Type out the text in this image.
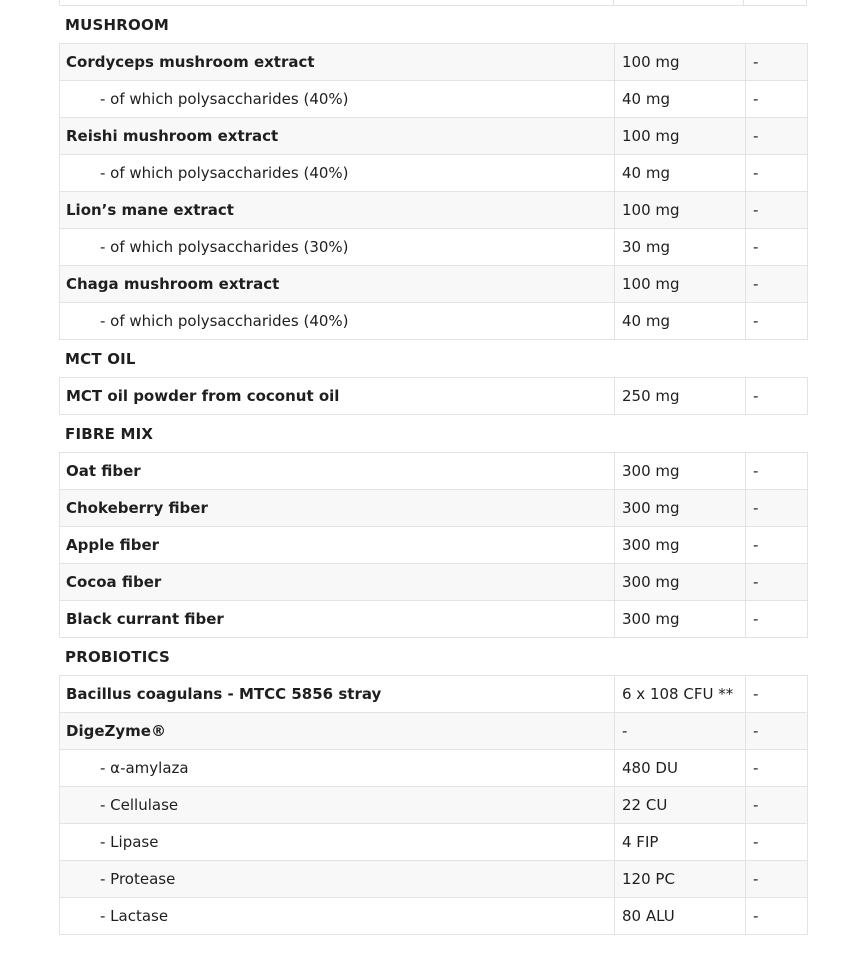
MUSHROOM
Cordyceps mushroom extract	100 mg	-
- of which polysaccharides (40%)	40 mg	-
Reishi mushroom extract	100 mg	-
- of which polysaccharides (40%)	40 mg	-
Lion’s mane extract	100 mg	-
- of which polysaccharides (30%)	30 mg	-
Chaga mushroom extract	100 mg	-
- of which polysaccharides (40%)	40 mg	-
MCT OIL
MCT oil powder from coconut oil	250 mg	-
FIBRE MIX
Oat fiber	300 mg	-
Chokeberry fiber	300 mg	-
Apple fiber	300 mg	-
Cocoa fiber	300 mg	-
Black currant fiber	300 mg	-
PROBIOTICS
Bacillus coagulans - MTCC 5856 stray	6 x 108 CFU **	-
DigeZyme®	-	-
- α-amylaza	480 DU	-
- Cellulase	22 CU	-
- Lipase	4 FIP	-
- Protease	120 PC	-
- Lactase	80 ALU	-
